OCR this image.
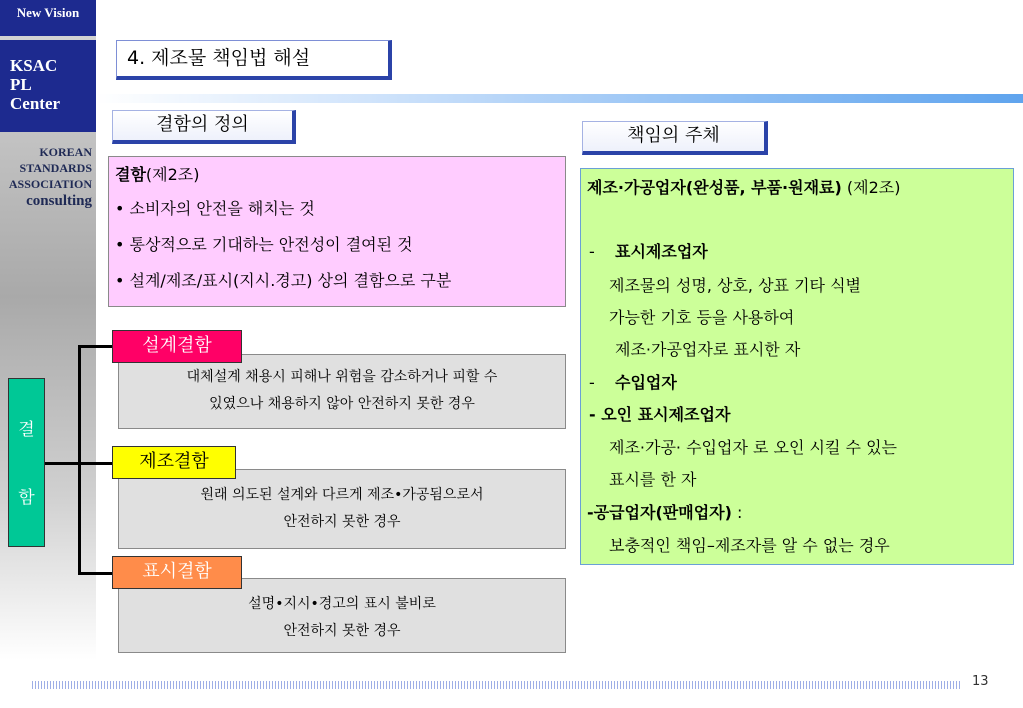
New Vision
KSAC
PL
Center
KOREAN
STANDARDS
ASSOCIATION
consulting
4. 제조물 책임법 해설
결함의 정의
결함(제2조)
• 소비자의 안전을 해치는 것
• 통상적으로 기대하는 안전성이 결여된 것
• 설계/제조/표시(지시.경고) 상의 결함으로 구분
결
함
대체설계 채용시 피해나 위험을 감소하거나 피할 수
있였으나 채용하지 않아 안전하지 못한 경우
설계결함
원래 의도된 설계와 다르게 제조•가공됨으로서
안전하지 못한 경우
제조결함
설명•지시•경고의 표시 불비로
안전하지 못한 경우
표시결함
책임의 주체
제조·가공업자(완성품, 부품·원재료) (제2조)
- 표시제조업자
제조물의 성명, 상호, 상표 기타 식별
가능한 기호 등을 사용하여
제조·가공업자로 표시한 자
- 수입업자
- 오인 표시제조업자
제조·가공· 수입업자 로 오인 시킬 수 있는
표시를 한 자
-공급업자(판매업자) :
보충적인 책임–제조자를 알 수 없는 경우
13
